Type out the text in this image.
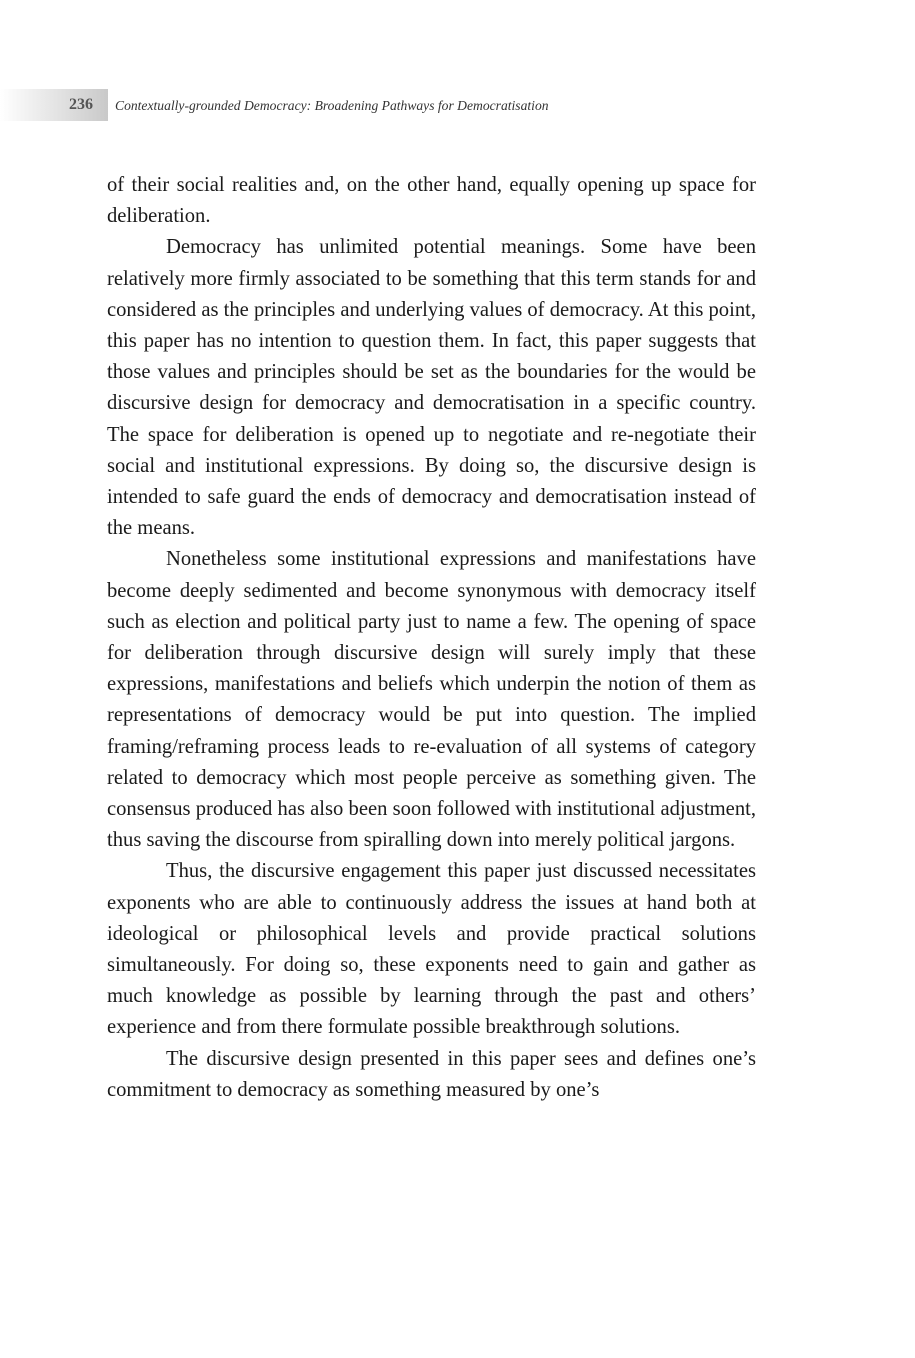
236 Contextually-grounded Democracy: Broadening Pathways for Democratisation

of their social realities and, on the other hand, equally opening up space for deliberation.

Democracy has unlimited potential meanings. Some have been relatively more firmly associated to be something that this term stands for and considered as the principles and underlying values of democracy. At this point, this paper has no intention to question them. In fact, this paper suggests that those values and principles should be set as the boundaries for the would be discursive design for democracy and democratisation in a specific country. The space for deliberation is opened up to negotiate and re-negotiate their social and institutional expressions. By doing so, the discursive design is intended to safe guard the ends of democracy and democratisation instead of the means.

Nonetheless some institutional expressions and manifestations have become deeply sedimented and become synonymous with democracy itself such as election and political party just to name a few. The opening of space for deliberation through discursive design will surely imply that these expressions, manifestations and beliefs which underpin the notion of them as representations of democracy would be put into question. The implied framing/reframing process leads to re-evaluation of all systems of category related to democracy which most people perceive as something given. The consensus produced has also been soon followed with institutional adjustment, thus saving the discourse from spiralling down into merely political jargons.

Thus, the discursive engagement this paper just discussed necessitates exponents who are able to continuously address the issues at hand both at ideological or philosophical levels and provide practical solutions simultaneously. For doing so, these exponents need to gain and gather as much knowledge as possible by learning through the past and others’ experience and from there formulate possible breakthrough solutions.

The discursive design presented in this paper sees and defines one’s commitment to democracy as something measured by one’s
